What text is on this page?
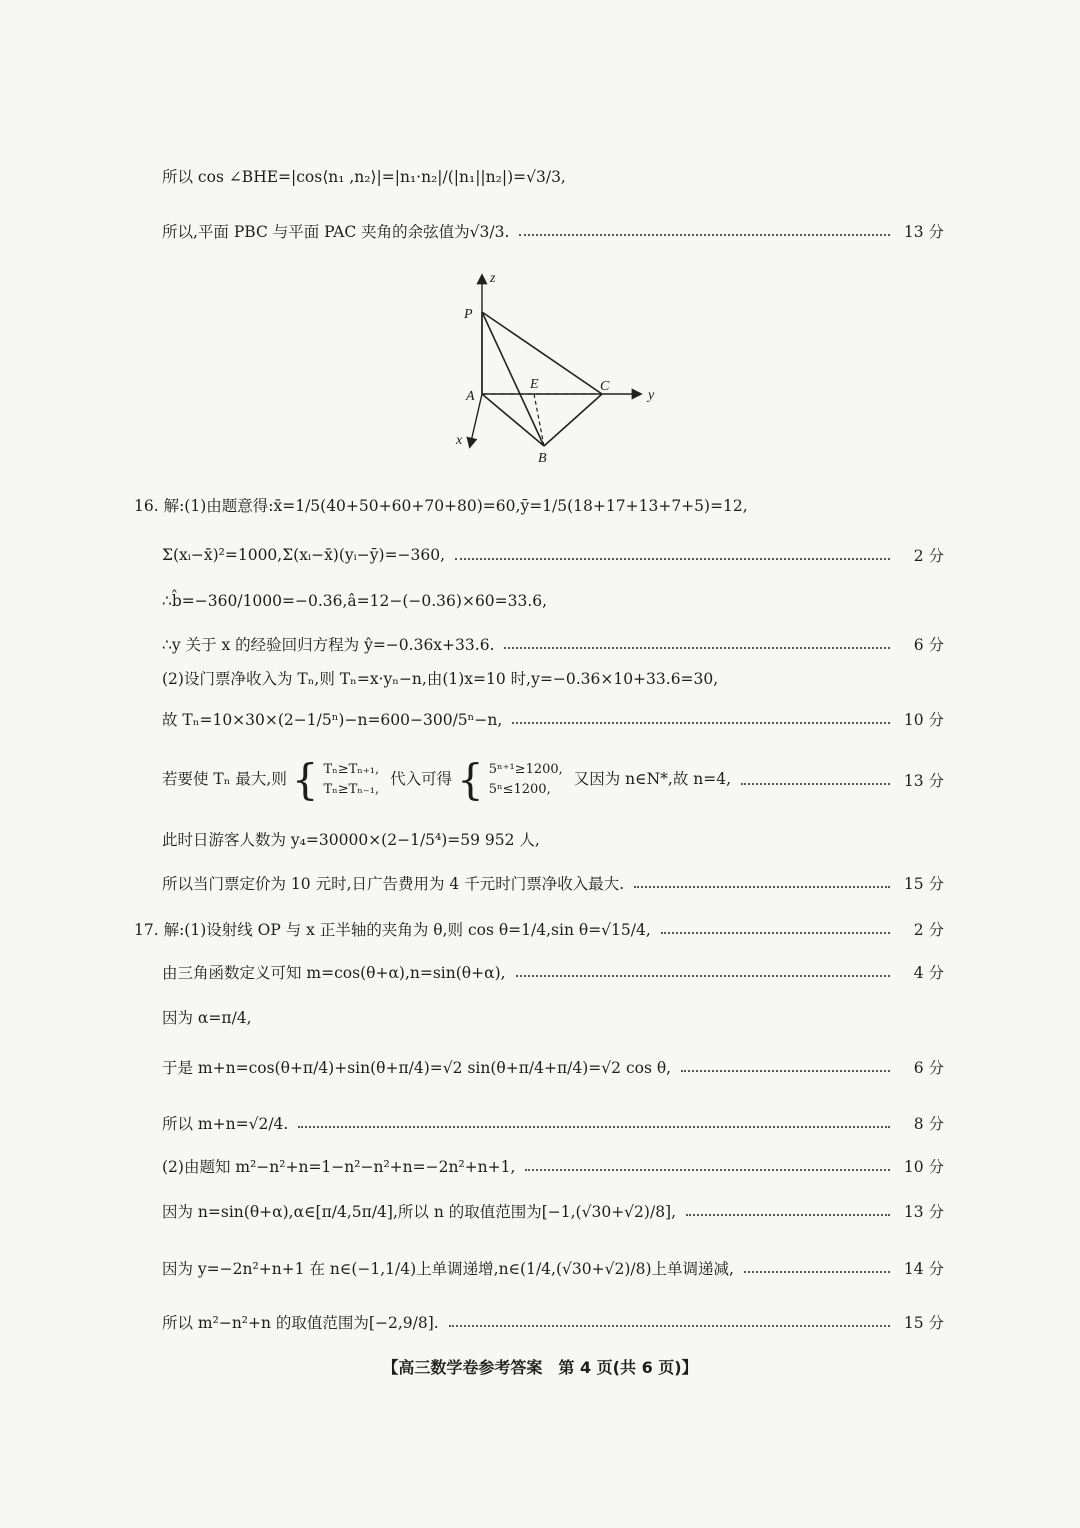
所以 cos ∠BHE=|cos⟨n₁ ,n₂⟩|=|n₁·n₂|/(|n₁||n₂|)=√3/3,
所以,平面 PBC 与平面 PAC 夹角的余弦值为√3/3.	13 分
z
P
A
E	C
y
x
B
16. 解:(1)由题意得:x̄=1/5(40+50+60+70+80)=60,ȳ=1/5(18+17+13+7+5)=12,
Σ(xᵢ−x̄)²=1000,Σ(xᵢ−x̄)(yᵢ−ȳ)=−360,	2 分
∴b̂=−360/1000=−0.36,â=12−(−0.36)×60=33.6,
∴y 关于 x 的经验回归方程为 ŷ=−0.36x+33.6.	6 分
(2)设门票净收入为 Tₙ,则 Tₙ=x·yₙ−n,由(1)x=10 时,y=−0.36×10+33.6=30,
故 Tₙ=10×30×(2−1/5ⁿ)−n=600−300/5ⁿ−n,	10 分
若要使 Tₙ 最大,则 { Tₙ≥Tₙ₊₁,
Tₙ≥Tₙ₋₁,
代入可得 { 5ⁿ⁺¹≥1200,
5ⁿ≤1200,
又因为 n∈N*,故 n=4,	13 分
此时日游客人数为 y₄=30000×(2−1/5⁴)=59 952 人,
所以当门票定价为 10 元时,日广告费用为 4 千元时门票净收入最大.	15 分
17. 解:(1)设射线 OP 与 x 正半轴的夹角为 θ,则 cos θ=1/4,sin θ=√15/4,	2 分
由三角函数定义可知 m=cos(θ+α),n=sin(θ+α),	4 分
因为 α=π/4,
于是 m+n=cos(θ+π/4)+sin(θ+π/4)=√2 sin(θ+π/4+π/4)=√2 cos θ,	6 分
所以 m+n=√2/4.	8 分
(2)由题知 m²−n²+n=1−n²−n²+n=−2n²+n+1,	10 分
因为 n=sin(θ+α),α∈[π/4,5π/4],所以 n 的取值范围为[−1,(√30+√2)/8],	13 分
因为 y=−2n²+n+1 在 n∈(−1,1/4)上单调递增,n∈(1/4,(√30+√2)/8)上单调递减,	14 分
所以 m²−n²+n 的取值范围为[−2,9/8].	15 分
【高三数学卷参考答案　第 4 页(共 6 页)】
